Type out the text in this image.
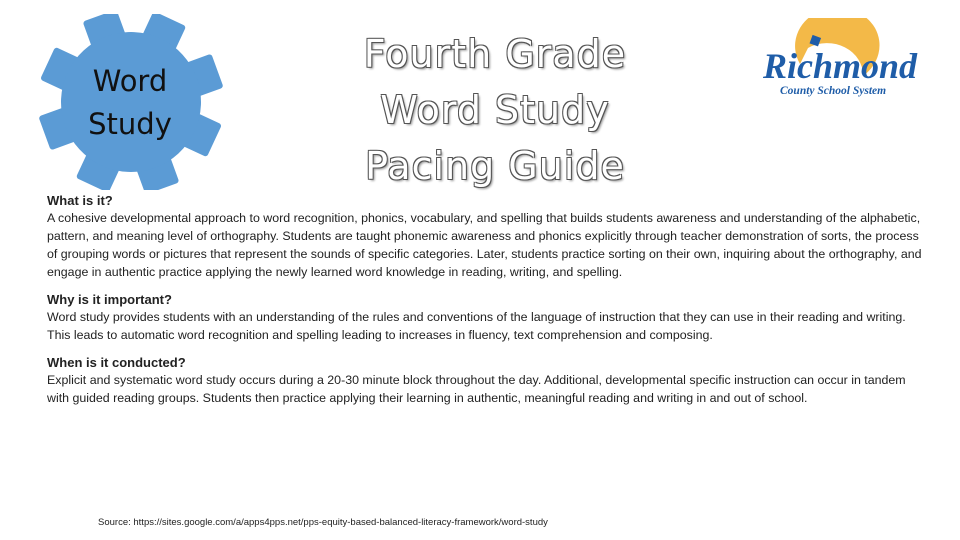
Word
Study
Fourth Grade
Word Study
Pacing Guide
Richmond
County School System
What is it?

A cohesive developmental approach to word recognition, phonics, vocabulary, and spelling that builds students awareness and understanding of the alphabetic, pattern, and meaning level of orthography. Students are taught phonemic awareness and phonics explicitly through teacher demonstration of sorts, the process of grouping words or pictures that represent the sounds of specific categories. Later, students practice sorting on their own, inquiring about the orthography, and engage in authentic practice applying the newly learned word knowledge in reading, writing, and spelling.

Why is it important?

Word study provides students with an understanding of the rules and conventions of the language of instruction that they can use in their reading and writing. This leads to automatic word recognition and spelling leading to increases in fluency, text comprehension and composing.

When is it conducted?

Explicit and systematic word study occurs during a 20-30 minute block throughout the day. Additional, developmental specific instruction can occur in tandem with guided reading groups. Students then practice applying their learning in authentic, meaningful reading and writing in and out of school.

Source: https://sites.google.com/a/apps4pps.net/pps-equity-based-balanced-literacy-framework/word-study
